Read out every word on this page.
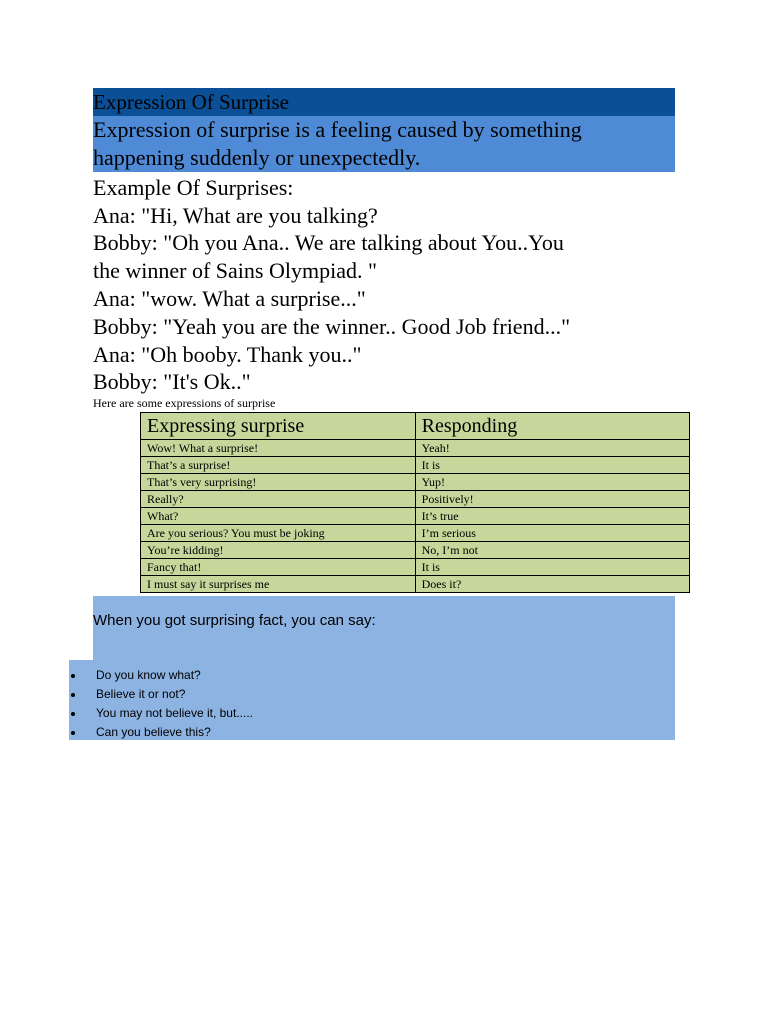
Expression Of Surprise
Expression of surprise is a feeling caused by something
happening suddenly or unexpectedly.
Example Of Surprises:
Ana: "Hi, What are you talking?
Bobby: "Oh you Ana.. We are talking about You..You
the winner of Sains Olympiad. "
Ana: "wow. What a surprise..."
Bobby: "Yeah you are the winner.. Good Job friend..."
Ana: "Oh booby. Thank you.."
Bobby: "It's Ok.."
Here are some expressions of surprise
Expressing surprise	Responding
Wow! What a surprise!	Yeah!
That’s a surprise!	It is
That’s very surprising!	Yup!
Really?	Positively!
What?	It’s true
Are you serious? You must be joking	I’m serious
You’re kidding!	No, I’m not
Fancy that!	It is
I must say it surprises me	Does it?
When you got surprising fact, you can say:
Do you know what?
Believe it or not?
You may not believe it, but.....
Can you believe this?
